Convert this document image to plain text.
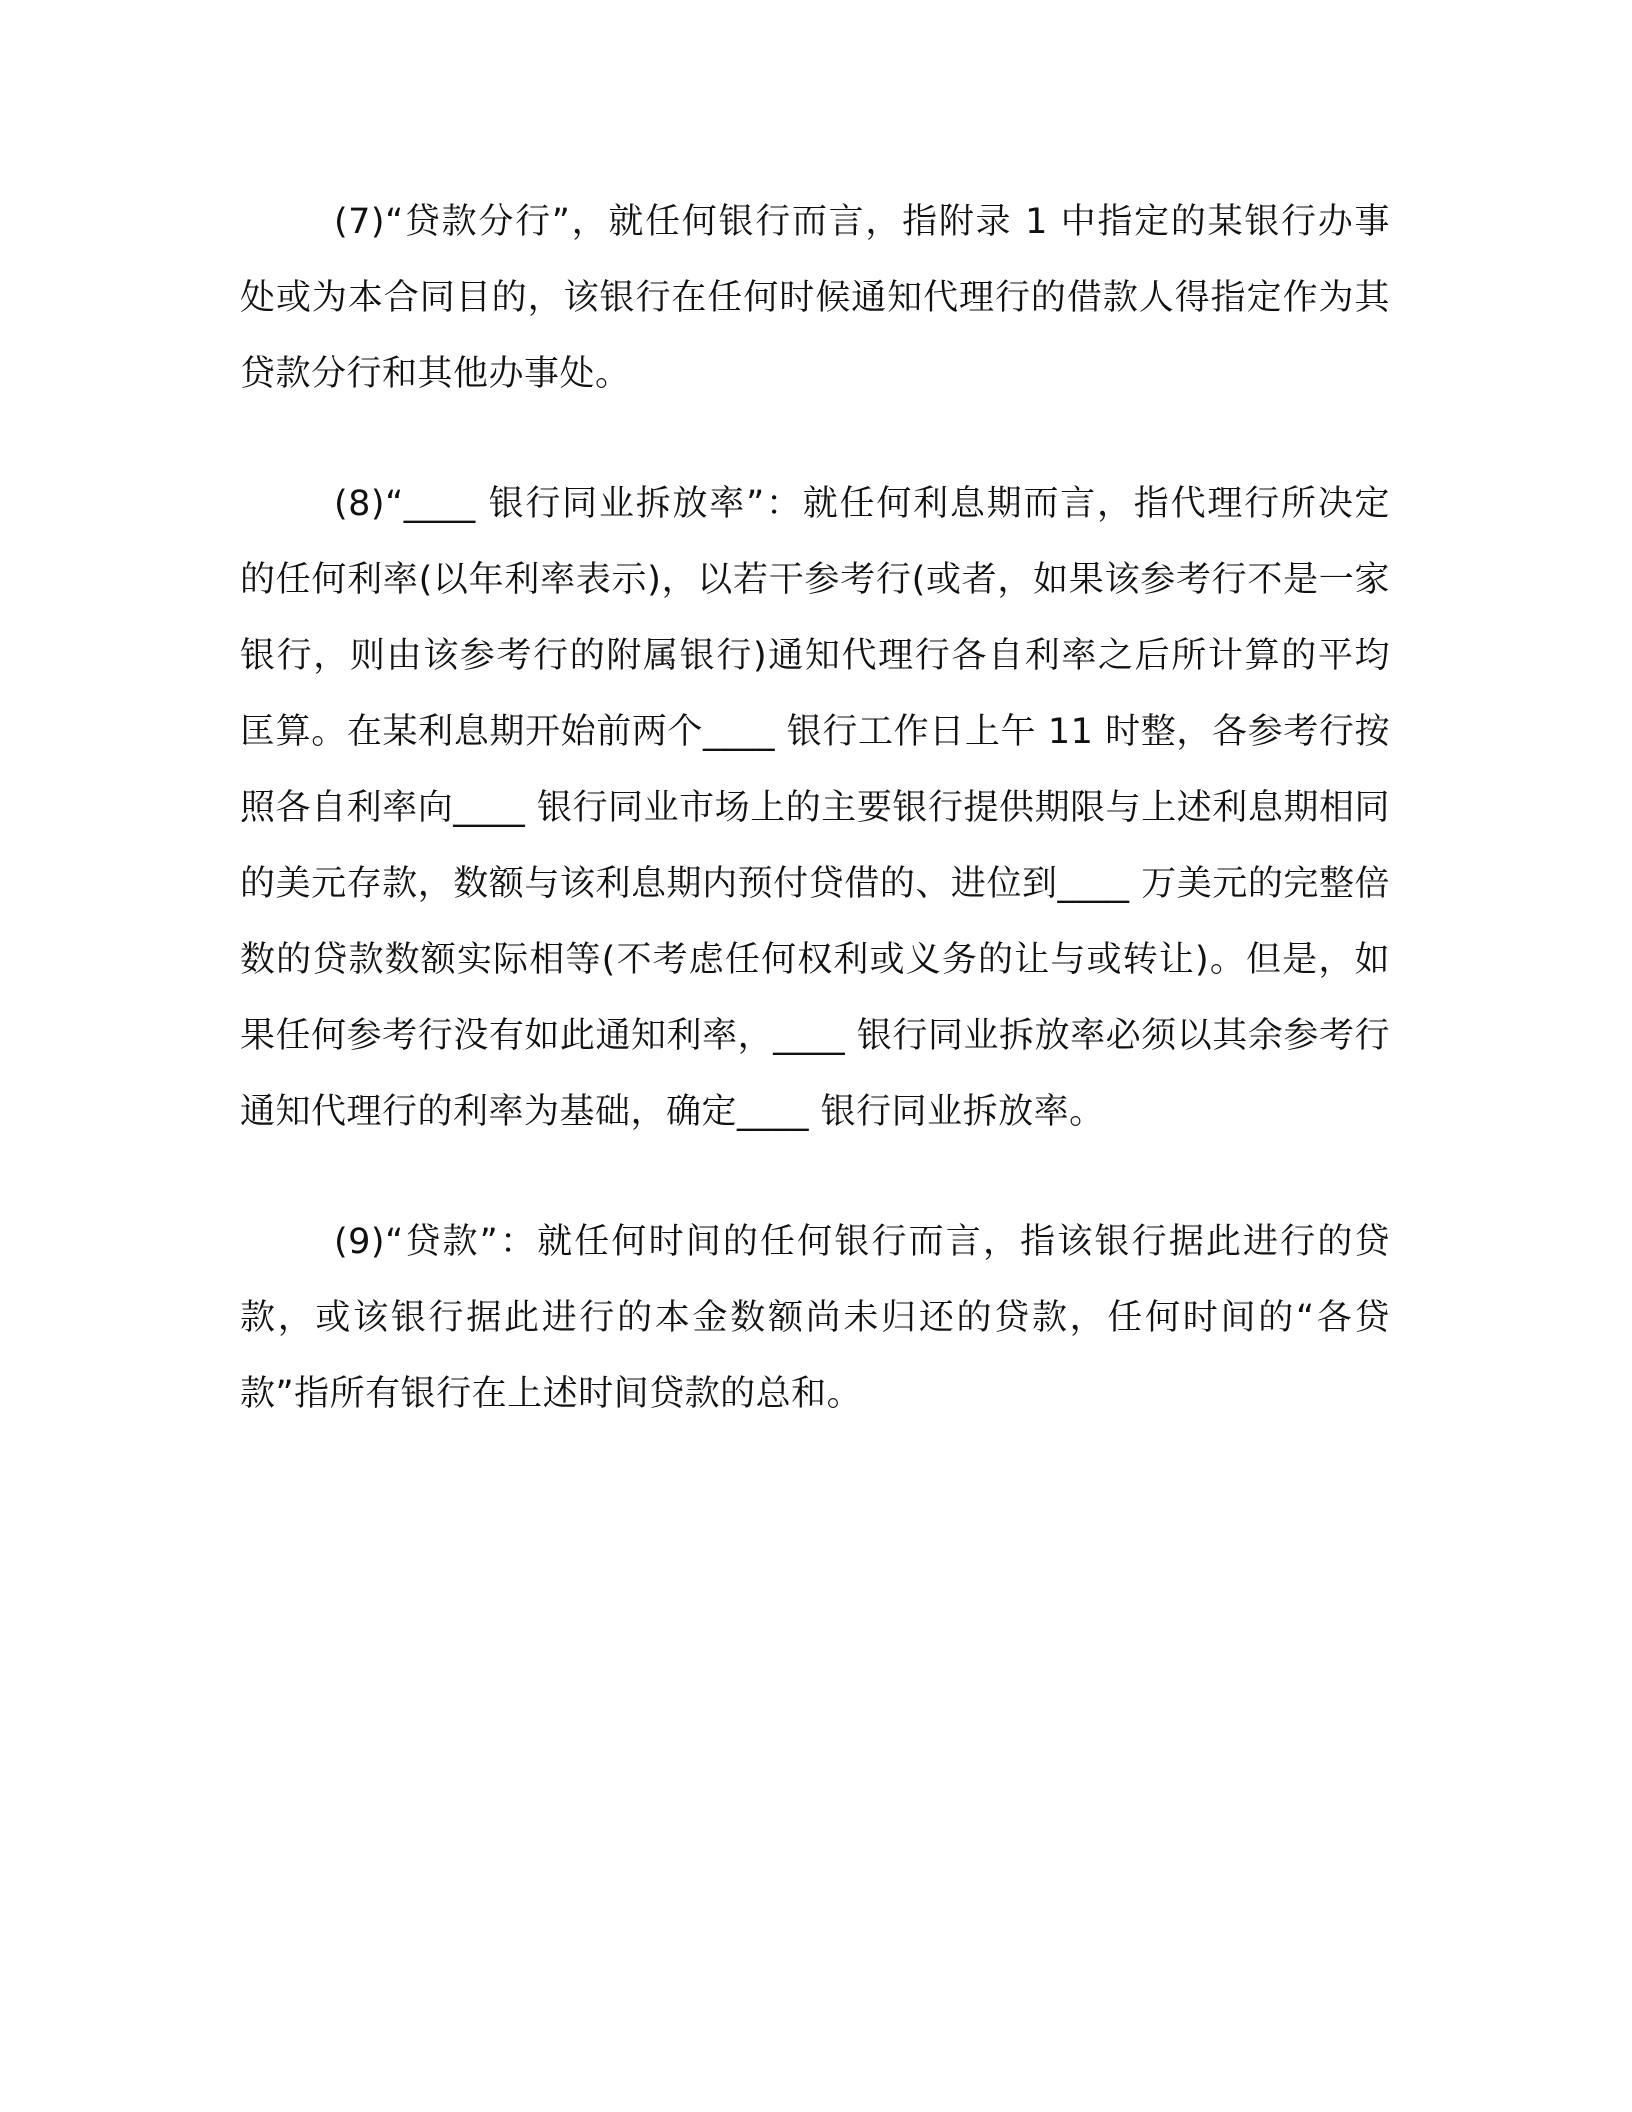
(7)“贷款分行”，就任何银行而言，指附录 1 中指定的某银行办事处或为本合同目的，该银行在任何时候通知代理行的借款人得指定作为其贷款分行和其他办事处。

(8)“____ 银行同业拆放率”：就任何利息期而言，指代理行所决定的任何利率(以年利率表示)，以若干参考行(或者，如果该参考行不是一家银行，则由该参考行的附属银行)通知代理行各自利率之后所计算的平均匡算。在某利息期开始前两个____ 银行工作日上午 11 时整，各参考行按照各自利率向____ 银行同业市场上的主要银行提供期限与上述利息期相同的美元存款，数额与该利息期内预付贷借的、进位到____ 万美元的完整倍数的贷款数额实际相等(不考虑任何权利或义务的让与或转让)。但是，如果任何参考行没有如此通知利率，____ 银行同业拆放率必须以其余参考行通知代理行的利率为基础，确定____ 银行同业拆放率。

(9)“贷款”：就任何时间的任何银行而言，指该银行据此进行的贷款，或该银行据此进行的本金数额尚未归还的贷款，任何时间的“各贷款”指所有银行在上述时间贷款的总和。
